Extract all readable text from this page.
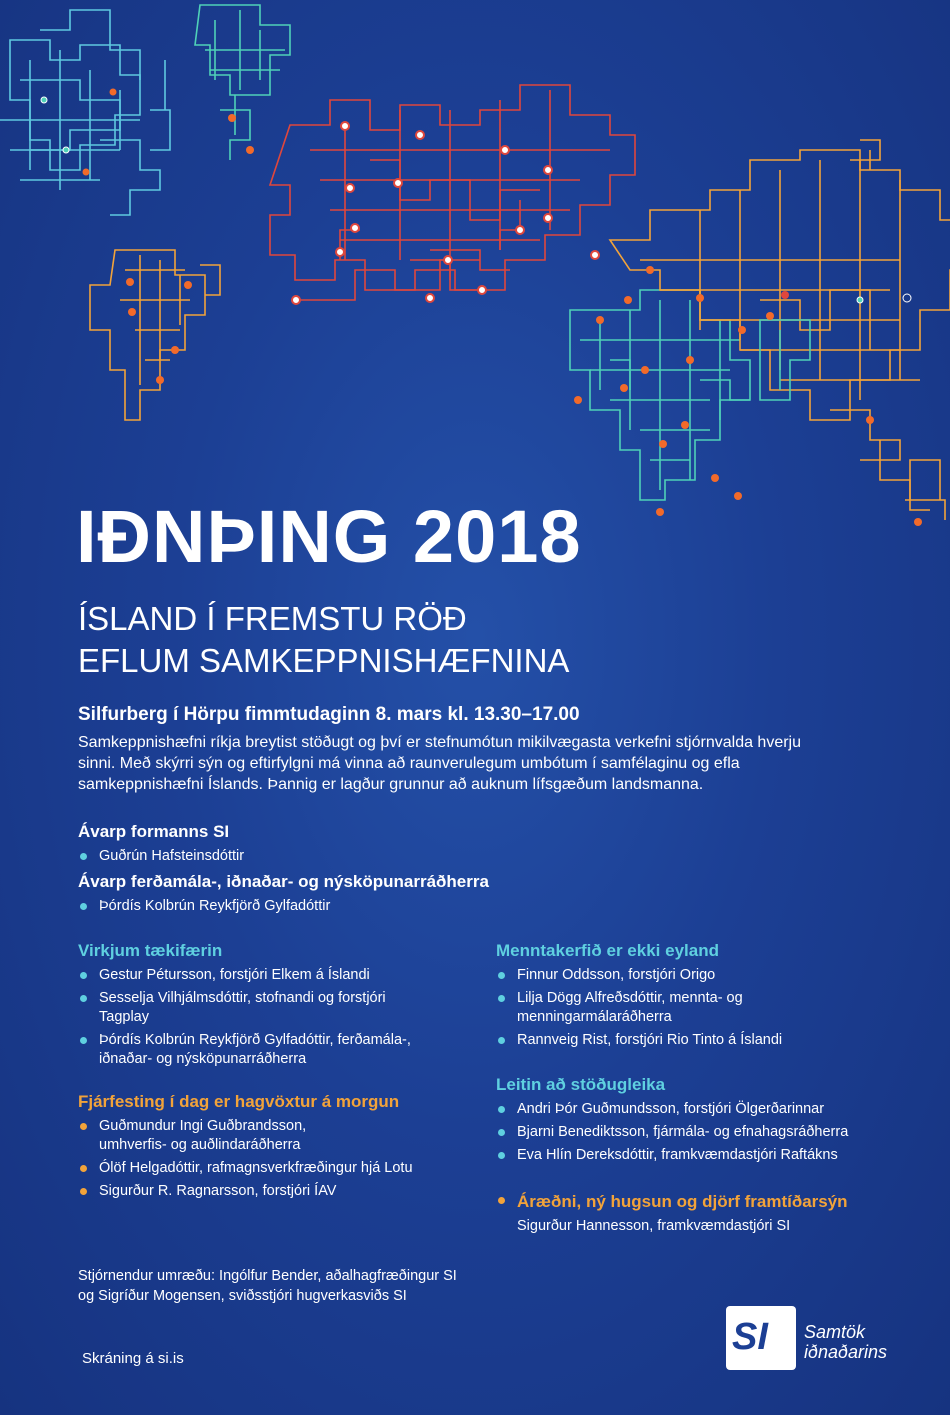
IÐNÞING 2018
ÍSLAND Í FREMSTU RÖÐ
EFLUM SAMKEPPNISHÆFNINA

Silfurberg í Hörpu fimmtudaginn 8. mars kl. 13.30–17.00

Samkeppnishæfni ríkja breytist stöðugt og því er stefnumótun mikilvægasta verkefni stjórnvalda hverju sinni. Með skýrri sýn og eftirfylgni má vinna að raunverulegum umbótum í samfélaginu og efla samkeppnishæfni Íslands. Þannig er lagður grunnur að auknum lífsgæðum landsmanna.

Ávarp formanns SI

Guðrún Hafsteinsdóttir

Ávarp ferðamála-, iðnaðar- og nýsköpunarráðherra

Þórdís Kolbrún Reykfjörð Gylfadóttir

Virkjum tækifærin

Gestur Pétursson, forstjóri Elkem á Íslandi
Sesselja Vilhjálmsdóttir, stofnandi og forstjóri Tagplay
Þórdís Kolbrún Reykfjörð Gylfadóttir, ferðamála-, iðnaðar- og nýsköpunarráðherra

Fjárfesting í dag er hagvöxtur á morgun

Guðmundur Ingi Guðbrandsson, umhverfis- og auðlindaráðherra
Ólöf Helgadóttir, rafmagnsverkfræðingur hjá Lotu
Sigurður R. Ragnarsson, forstjóri ÍAV

Menntakerfið er ekki eyland

Finnur Oddsson, forstjóri Origo
Lilja Dögg Alfreðsdóttir, mennta- og menningarmálaráðherra
Rannveig Rist, forstjóri Rio Tinto á Íslandi

Leitin að stöðugleika

Andri Þór Guðmundsson, forstjóri Ölgerðarinnar
Bjarni Benediktsson, fjármála- og efnahagsráðherra
Eva Hlín Dereksdóttir, framkvæmdastjóri Raftákns
Áræðni, ný hugsun og djörf framtíðarsýn

Sigurður Hannesson, framkvæmdastjóri SI

Stjórnendur umræðu: Ingólfur Bender, aðalhagfræðingur SI
og Sigríður Mogensen, sviðsstjóri hugverkasviðs SI

Skráning á si.is

SI Samtök
iðnaðarins
